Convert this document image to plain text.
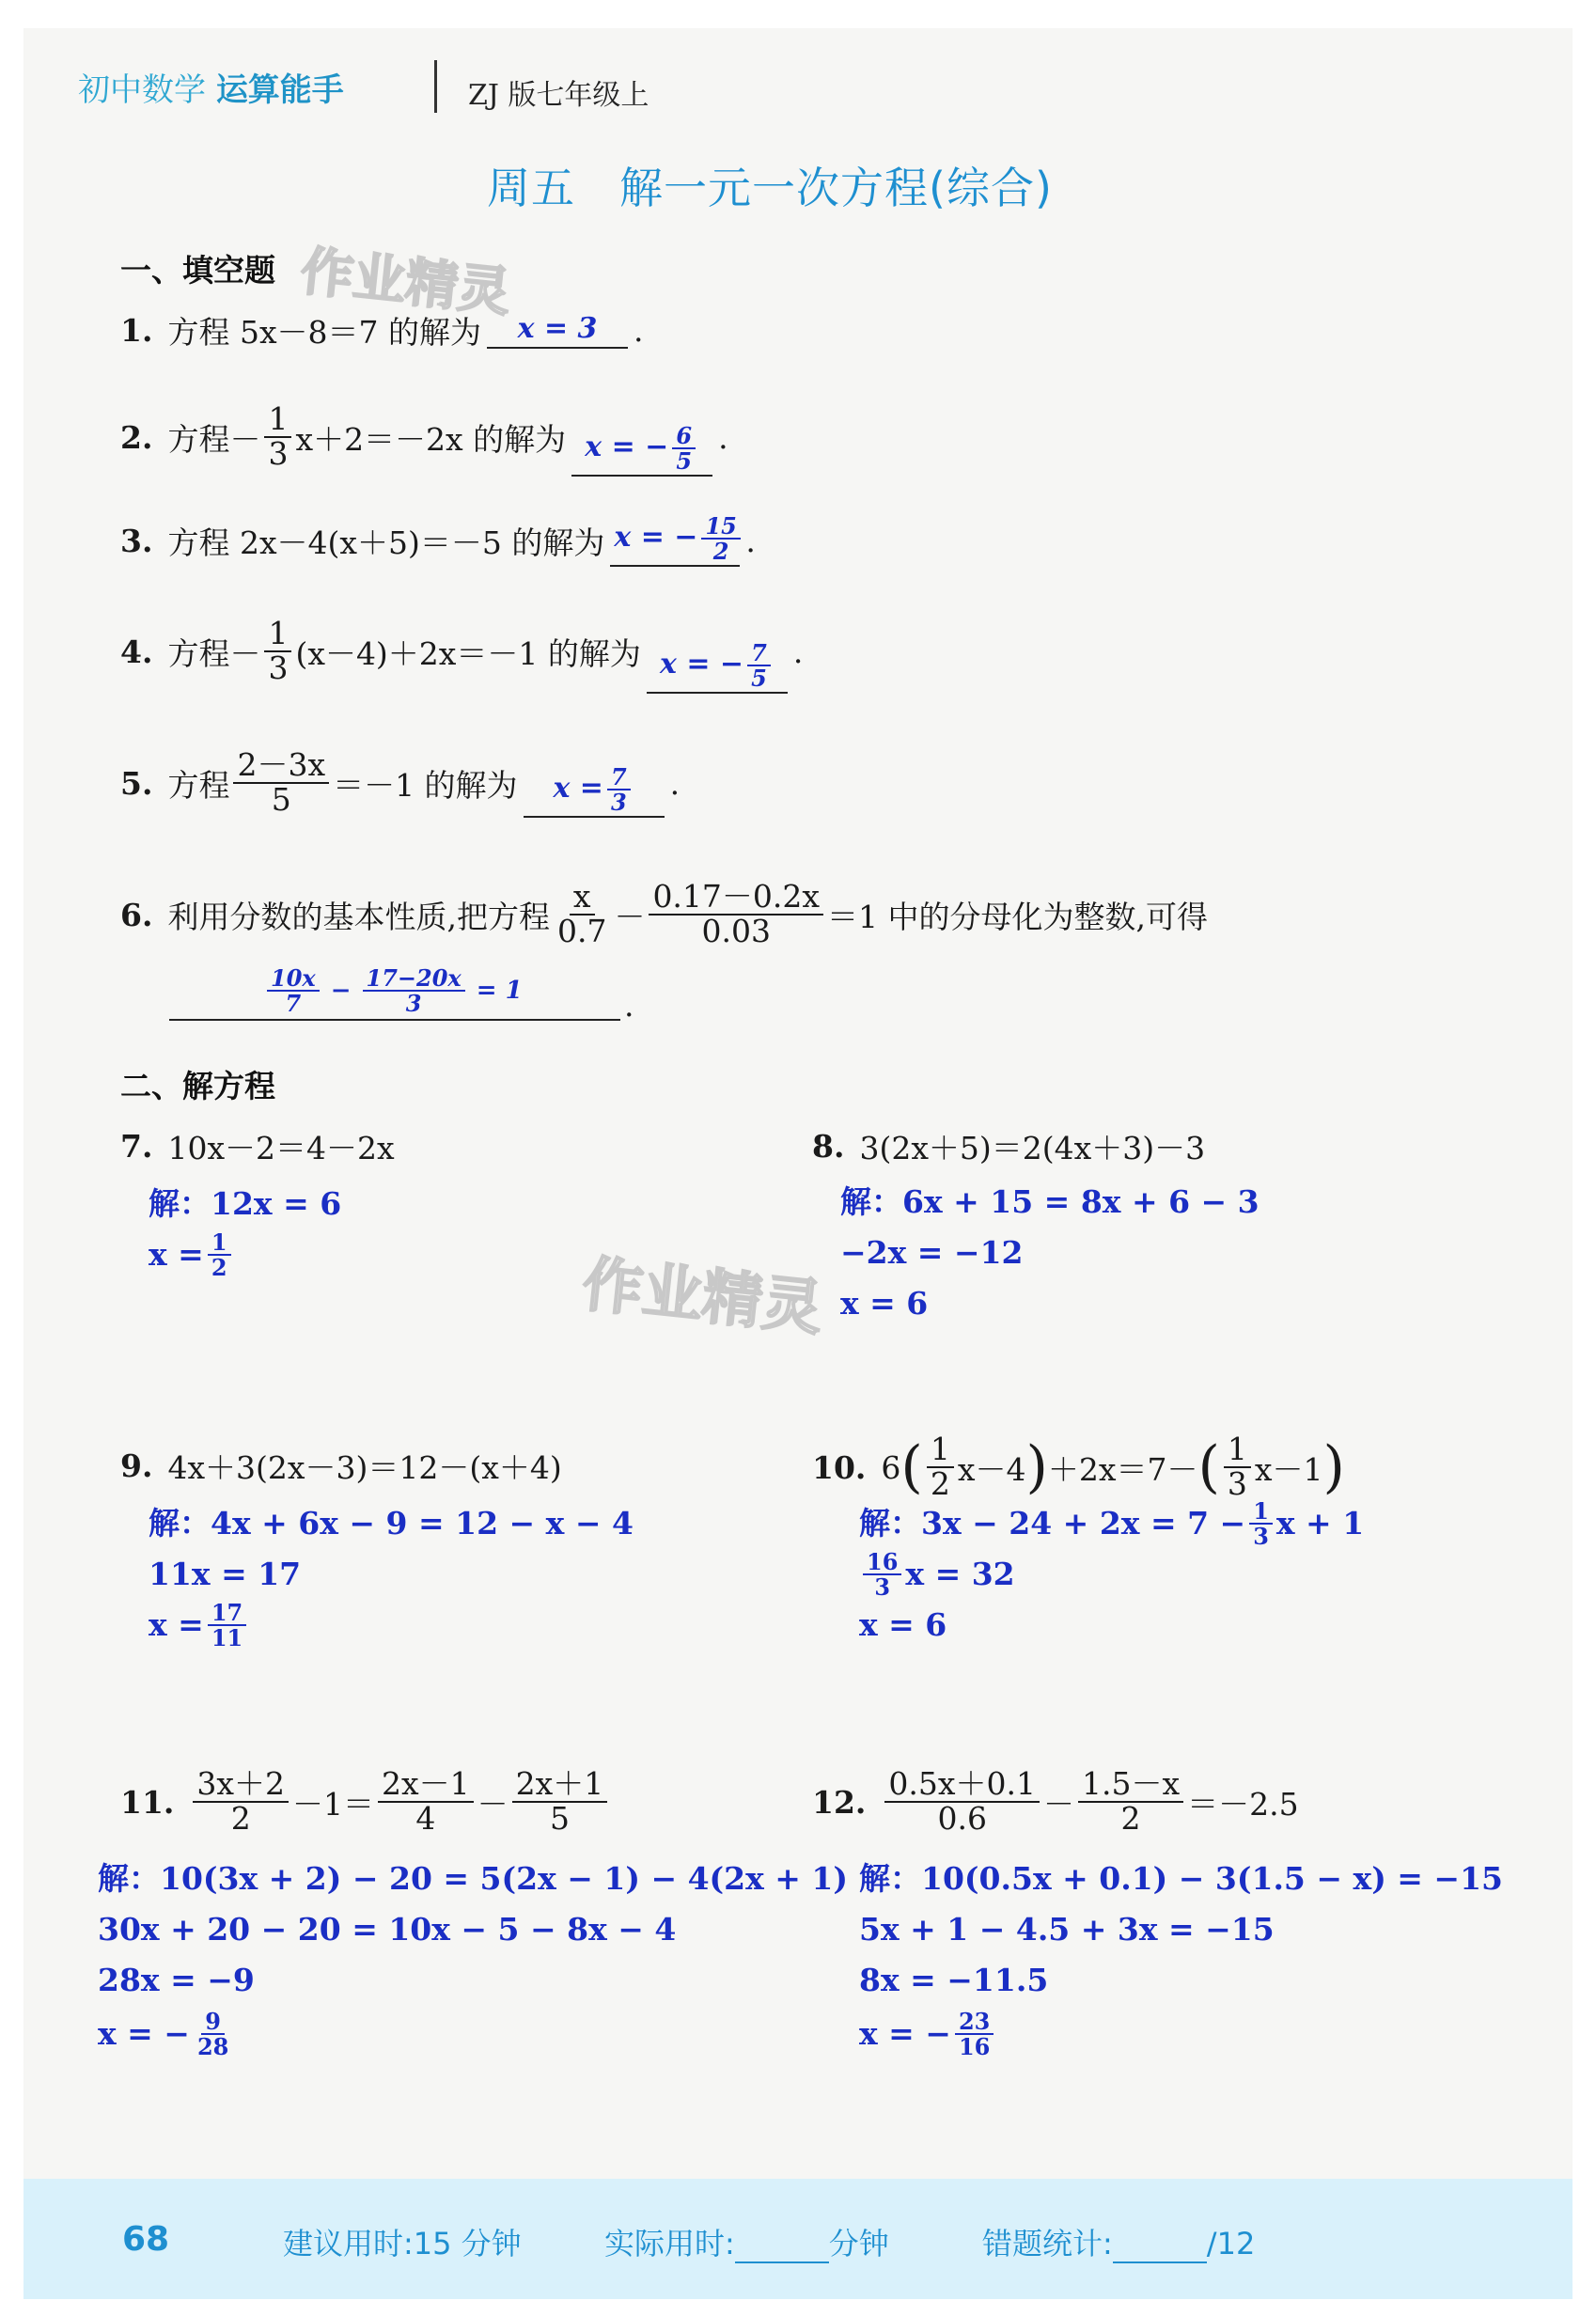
初中数学 运算能手	ZJ 版七年级上
周五　解一元一次方程(综合)
作业精灵
作业精灵
一、填空题
1. 方程 5x－8＝7 的解为	x = 3	.
2. 方程－ $\frac{1}{3} x+2=-2x$ 的解为 x = − $\frac{6}{5}$ .
3. 方程 2x－4(x＋5)＝－5 的解为 x = − $\frac{15}{2}$ .
4. 方程－ $\frac{1}{3} (x-4)+2x=-1$ 的解为 x = − $\frac{7}{5}$ .
5. 方程 $\frac{2-3x}{5} =-1$ 的解为	$x = \frac{7}{3}$ .
6. 利用分数的基本性质,把方程 $\frac{x}{0.7} - \frac{0.17-0.2x}{0.03} =1$ 中的分母化为整数,可得
$\frac{10x}{7} - \frac{17-20x}{3} = 1$	.
二、解方程
7. 10x－2＝4－2x
解：12x = 6
$x = \frac{1}{2}$
8. 3(2x＋5)＝2(4x＋3)－3
解：6x + 15 = 8x + 6 − 3
−2x = −12
x = 6
9. 4x＋3(2x－3)＝12－(x＋4)
解：4x + 6x − 9 = 12 − x − 4
11x = 17
$x = \frac{17}{11}$
10. 6 ( $\frac{1}{2} x-4$ ) ＋2x＝7－ ( $\frac{1}{3} x-1$ )
解：$3x - 24 + 2x = 7 - \frac{1}{3}$ x + 1
$\frac{16}{3}$ x = 32
x = 6
11. $\frac{3x+2}{2} -1= \frac{2x-1}{4} - \frac{2x+1}{5}$
解：10(3x + 2) − 20 = 5(2x − 1) − 4(2x + 1)
30x + 20 − 20 = 10x − 5 − 8x − 4
28x = −9
x = − $\frac{9}{28}$
12. $\frac{0.5x+0.1}{0.6} - \frac{1.5-x}{2} =-2.5$
解：10(0.5x + 0.1) − 3(1.5 − x) = −15
5x + 1 − 4.5 + 3x = −15
8x = −11.5
x = − $\frac{23}{16}$
68	建议用时:15 分钟	实际用时:	分钟	错题统计:	/12
